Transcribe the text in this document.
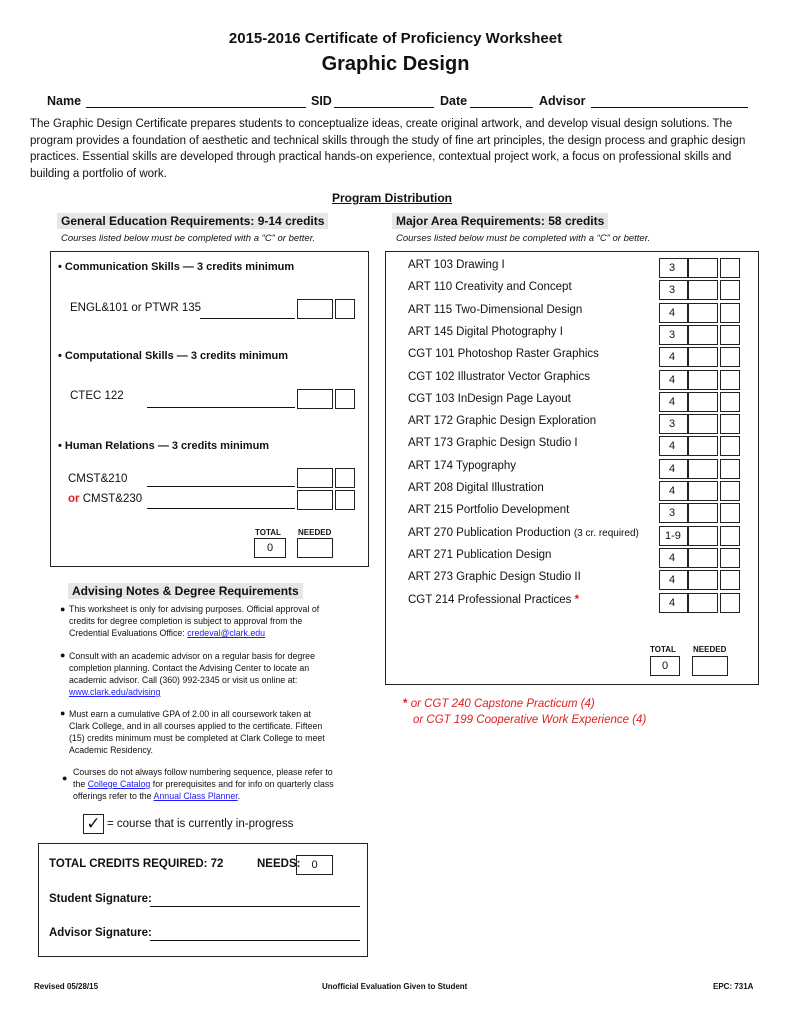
2015-2016 Certificate of Proficiency Worksheet
Graphic Design
Name	SID	Date	Advisor
The Graphic Design Certificate prepares students to conceptualize ideas, create original artwork, and develop visual design solutions. The program provides a foundation of aesthetic and technical skills through the study of fine art principles, the design process and graphic design practices. Essential skills are developed through practical hands-on experience, contextual project work, a focus on professional skills and building a portfolio of work.
Program Distribution
General Education Requirements: 9-14 credits
Courses listed below must be completed with a “C” or better.
• Communication Skills — 3 credits minimum
ENGL&101 or PTWR 135
• Computational Skills — 3 credits minimum
CTEC 122
• Human Relations — 3 credits minimum
CMST&210
or CMST&230
TOTAL NEEDED
0
Major Area Requirements: 58 credits
Courses listed below must be completed with a “C” or better.
ART 103 Drawing I	3
ART 110 Creativity and Concept	3
ART 115 Two-Dimensional Design	4
ART 145 Digital Photography I	3
CGT 101 Photoshop Raster Graphics	4
CGT 102 Illustrator Vector Graphics	4
CGT 103 InDesign Page Layout	4
ART 172 Graphic Design Exploration	3
ART 173 Graphic Design Studio I	4
ART 174 Typography	4
ART 208 Digital Illustration	4
ART 215 Portfolio Development	3
ART 270 Publication Production (3 cr. required)	1-9
ART 271 Publication Design	4
ART 273 Graphic Design Studio II	4
CGT 214 Professional Practices *	4
TOTAL NEEDED
0
* or CGT 240 Capstone Practicum (4)
or CGT 199 Cooperative Work Experience (4)
Advising Notes & Degree Requirements
● This worksheet is only for advising purposes. Official approval of credits for degree completion is subject to approval from the Credential Evaluations Office: credeval@clark.edu
● Consult with an academic advisor on a regular basis for degree completion planning. Contact the Advising Center to locate an academic advisor. Call (360) 992-2345 or visit us online at: www.clark.edu/advising
● Must earn a cumulative GPA of 2.00 in all coursework taken at Clark College, and in all courses applied to the certificate. Fifteen (15) credits minimum must be completed at Clark College to meet Academic Residency.
●
Courses do not always follow numbering sequence, please refer to the College Catalog for prerequisites and for info on quarterly class offerings refer to the Annual Class Planner.
✓ = course that is currently in-progress
TOTAL CREDITS REQUIRED: 72	NEEDS: 0
Student Signature:
Advisor Signature:
Revised 05/28/15	Unofficial Evaluation Given to Student	EPC: 731A
